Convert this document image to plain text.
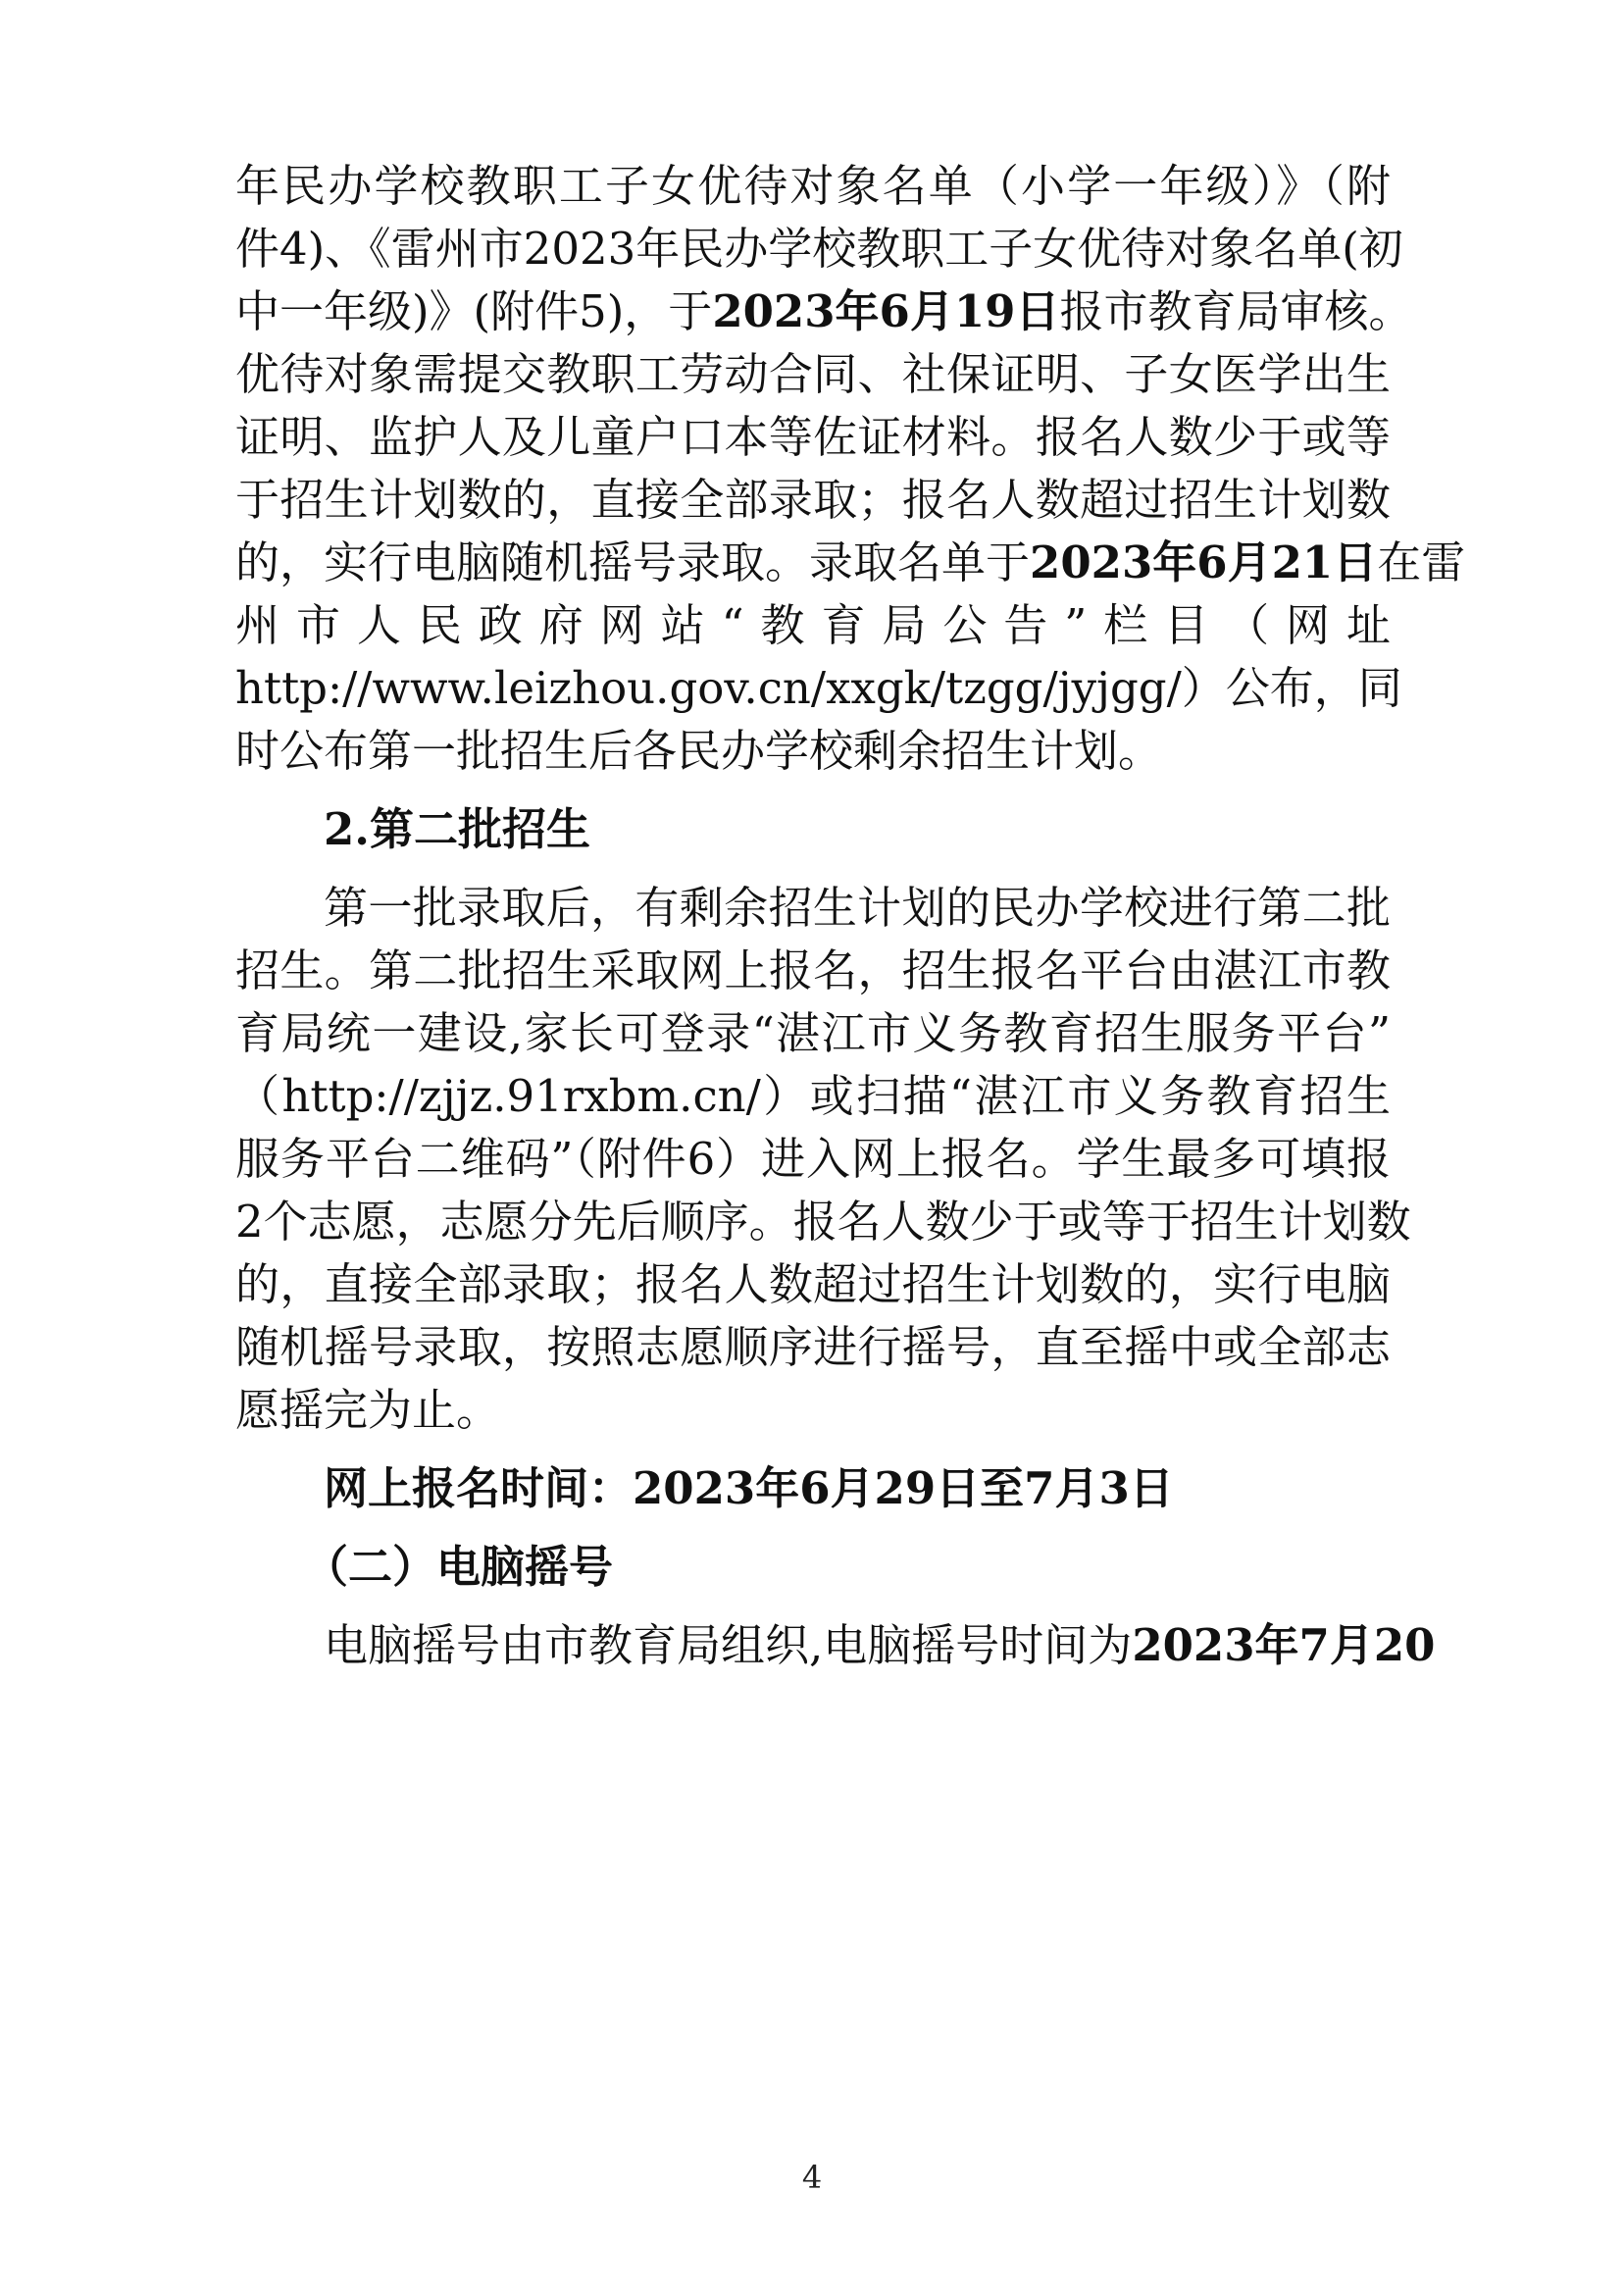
年民办学校教职工子女优待对象名单（小学一年级）》（附
件4)、《雷州市2023年民办学校教职工子女优待对象名单(初
中一年级)》(附件5)，于2023年6月19日报市教育局审核。
优待对象需提交教职工劳动合同、社保证明、子女医学出生
证明、监护人及儿童户口本等佐证材料。报名人数少于或等
于招生计划数的，直接全部录取；报名人数超过招生计划数
的，实行电脑随机摇号录取。录取名单于2023年6月21日在雷
州市人民政府网站“教育局公告”栏目（网址
http://www.leizhou.gov.cn/xxgk/tzgg/jyjgg/）公布，同
时公布第一批招生后各民办学校剩余招生计划。
2.第二批招生
第一批录取后，有剩余招生计划的民办学校进行第二批
招生。第二批招生采取网上报名，招生报名平台由湛江市教
育局统一建设,家长可登录“湛江市义务教育招生服务平台”
（http://zjjz.91rxbm.cn/）或扫描“湛江市义务教育招生
服务平台二维码”（附件6）进入网上报名。学生最多可填报
2个志愿，志愿分先后顺序。报名人数少于或等于招生计划数
的，直接全部录取；报名人数超过招生计划数的，实行电脑
随机摇号录取，按照志愿顺序进行摇号，直至摇中或全部志
愿摇完为止。
网上报名时间：2023年6月29日至7月3日
（二）电脑摇号
电脑摇号由市教育局组织,电脑摇号时间为2023年7月20
4
